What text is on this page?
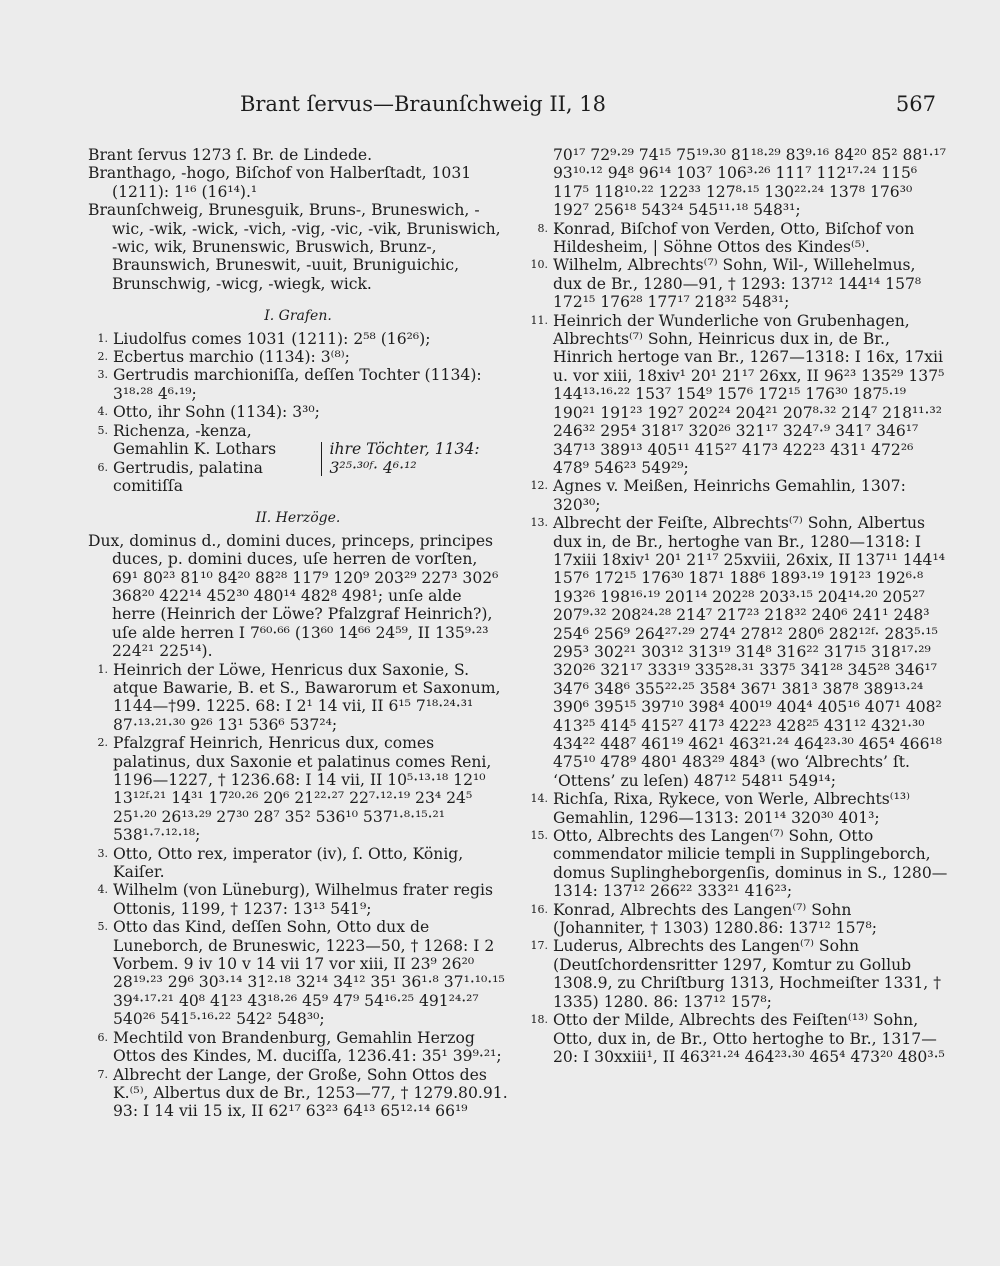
Brant ſervus—Braunſchweig II, 18	567

Brant ſervus 1273 ſ. Br. de Lindede.

Branthago, -hogo, Biſchof von Halberſtadt, 1031 (1211): 1¹⁶ (16¹⁴).¹

Braunſchweig, Brunesguik, Bruns-, Bruneswich, -wic, -wik, -wick, -vich, -vig, -vic, -vik, Bruniswich, -wic, wik, Brunenswic, Bruswich, Brunz-, Braunswich, Bruneswit, -uuit, Bruniguichic, Brunschwig, -wicg, -wiegk, wick.

I. Grafen.
1. Liudolfus comes 1031 (1211): 2⁵⁸ (16²⁶);
2. Ecbertus marchio (1134): 3⁽⁸⁾;
3. Gertrudis marchioniſſa, deſſen Tochter (1134): 3¹⁸·²⁸ 4⁶·¹⁹;
4. Otto, ihr Sohn (1134): 3³⁰;
5. Richenza, -kenza, Gemahlin K. Lothars
6. Gertrudis, palatina comitiſſa
ihre Töchter, 1134: 3²⁵·³⁰ᶠ· 4⁶·¹²
II. Herzöge.

Dux, dominus d., domini duces, princeps, principes duces, p. domini duces, uſe herren de vorſten, 69¹ 80²³ 81¹⁰ 84²⁰ 88²⁸ 117⁹ 120⁹ 203²⁹ 227³ 302⁶ 368²⁰ 422¹⁴ 452³⁰ 480¹⁴ 482⁸ 498¹; unſe alde herre (Heinrich der Löwe? Pfalzgraf Heinrich?), uſe alde herren I 7⁶⁰·⁶⁶ (13⁶⁰ 14⁶⁶ 24⁵⁹, II 135⁹·²³ 224²¹ 225¹⁴).

1. Heinrich der Löwe, Henricus dux Saxonie, S. atque Bawarie, B. et S., Bawarorum et Saxonum, 1144—†99. 1225. 68: I 2¹ 14 vii, II 6¹⁵ 7¹⁸·²⁴·³¹ 87·¹³·²¹·³⁰ 9²⁶ 13¹ 536⁶ 537²⁴;
2. Pfalzgraf Heinrich, Henricus dux, comes palatinus, dux Saxonie et palatinus comes Reni, 1196—1227, † 1236.68: I 14 vii, II 10⁵·¹³·¹⁸ 12¹⁰ 13¹²ᶠ·²¹ 14³¹ 17²⁰·²⁶ 20⁶ 21²²·²⁷ 22⁷·¹²·¹⁹ 23⁴ 24⁵ 25¹·²⁰ 26¹³·²⁹ 27³⁰ 28⁷ 35² 536¹⁰ 537¹·⁸·¹⁵·²¹ 538¹·⁷·¹²·¹⁸;
3. Otto, Otto rex, imperator (iv), ſ. Otto, König, Kaiſer.
4. Wilhelm (von Lüneburg), Wilhelmus frater regis Ottonis, 1199, † 1237: 13¹³ 541⁹;
5. Otto das Kind, deſſen Sohn, Otto dux de Luneborch, de Bruneswic, 1223—50, † 1268: I 2 Vorbem. 9 iv 10 v 14 vii 17 vor xiii, II 23⁹ 26²⁰ 28¹⁹·²³ 29⁶ 30³·¹⁴ 31²·¹⁸ 32¹⁴ 34¹² 35¹ 36¹·⁸ 37¹·¹⁰·¹⁵ 39⁴·¹⁷·²¹ 40⁸ 41²³ 43¹⁸·²⁶ 45⁹ 47⁹ 54¹⁶·²⁵ 491²⁴·²⁷ 540²⁶ 541⁵·¹⁶·²² 542² 548³⁰;
6. Mechtild von Brandenburg, Gemahlin Herzog Ottos des Kindes, M. duciſſa, 1236.41: 35¹ 39⁹·²¹;
7. Albrecht der Lange, der Große, Sohn Ottos des K.⁽⁵⁾, Albertus dux de Br., 1253—77, † 1279.80.91. 93: I 14 vii 15 ix, II 62¹⁷ 63²³ 64¹³ 65¹²·¹⁴ 66¹⁹

70¹⁷ 72⁹·²⁹ 74¹⁵ 75¹⁹·³⁰ 81¹⁸·²⁹ 83⁹·¹⁶ 84²⁰ 85² 88¹·¹⁷ 93¹⁰·¹² 94⁸ 96¹⁴ 103⁷ 106³·²⁶ 111⁷ 112¹⁷·²⁴ 115⁶ 117⁵ 118¹⁰·²² 122³³ 127⁸·¹⁵ 130²²·²⁴ 137⁸ 176³⁰ 192⁷ 256¹⁸ 543²⁴ 545¹¹·¹⁸ 548³¹;

8. Konrad, Biſchof von Verden, Otto, Biſchof von Hildesheim, | Söhne Ottos des Kindes⁽⁵⁾.
10. Wilhelm, Albrechts⁽⁷⁾ Sohn, Wil-, Willehelmus, dux de Br., 1280—91, † 1293: 137¹² 144¹⁴ 157⁸ 172¹⁵ 176²⁸ 177¹⁷ 218³² 548³¹;
11. Heinrich der Wunderliche von Grubenhagen, Albrechts⁽⁷⁾ Sohn, Heinricus dux in, de Br., Hinrich hertoge van Br., 1267—1318: I 16x, 17xii u. vor xiii, 18xiv¹ 20¹ 21¹⁷ 26xx, II 96²³ 135²⁹ 137⁵ 144¹³·¹⁶·²² 153⁷ 154⁹ 157⁶ 172¹⁵ 176³⁰ 187⁵·¹⁹ 190²¹ 191²³ 192⁷ 202²⁴ 204²¹ 207⁸·³² 214⁷ 218¹¹·³² 246³² 295⁴ 318¹⁷ 320²⁶ 321¹⁷ 324⁷·⁹ 341⁷ 346¹⁷ 347¹³ 389¹³ 405¹¹ 415²⁷ 417³ 422²³ 431¹ 472²⁶ 478⁹ 546²³ 549²⁹;
12. Agnes v. Meißen, Heinrichs Gemahlin, 1307: 320³⁰;
13. Albrecht der Feiſte, Albrechts⁽⁷⁾ Sohn, Albertus dux in, de Br., hertoghe van Br., 1280—1318: I 17xiii 18xiv¹ 20¹ 21¹⁷ 25xviii, 26xix, II 137¹¹ 144¹⁴ 157⁶ 172¹⁵ 176³⁰ 187¹ 188⁶ 189³·¹⁹ 191²³ 192⁶·⁸ 193²⁶ 198¹⁶·¹⁹ 201¹⁴ 202²⁸ 203³·¹⁵ 204¹⁴·²⁰ 205²⁷ 207⁹·³² 208²⁴·²⁸ 214⁷ 217²³ 218³² 240⁶ 241¹ 248³ 254⁶ 256⁹ 264²⁷·²⁹ 274⁴ 278¹² 280⁶ 282¹²ᶠ· 283⁵·¹⁵ 295³ 302²¹ 303¹² 313¹⁹ 314⁸ 316²² 317¹⁵ 318¹⁷·²⁹ 320²⁶ 321¹⁷ 333¹⁹ 335²⁸·³¹ 337⁵ 341²⁸ 345²⁸ 346¹⁷ 347⁶ 348⁶ 355²²·²⁵ 358⁴ 367¹ 381³ 387⁸ 389¹³·²⁴ 390⁶ 395¹⁵ 397¹⁰ 398⁴ 400¹⁹ 404⁴ 405¹⁶ 407¹ 408² 413²⁵ 414⁵ 415²⁷ 417³ 422²³ 428²⁵ 431¹² 432¹·³⁰ 434²² 448⁷ 461¹⁹ 462¹ 463²¹·²⁴ 464²³·³⁰ 465⁴ 466¹⁸ 475¹⁰ 478⁹ 480¹ 483²⁹ 484³ (wo ‘Albrechts’ ſt. ‘Ottens’ zu leſen) 487¹² 548¹¹ 549¹⁴;
14. Richſa, Rixa, Rykece, von Werle, Albrechts⁽¹³⁾ Gemahlin, 1296—1313: 201¹⁴ 320³⁰ 401³;
15. Otto, Albrechts des Langen⁽⁷⁾ Sohn, Otto commendator milicie templi in Supplingeborch, domus Suplingheborgenſis, dominus in S., 1280—1314: 137¹² 266²² 333²¹ 416²³;
16. Konrad, Albrechts des Langen⁽⁷⁾ Sohn (Johanniter, † 1303) 1280.86: 137¹² 157⁸;
17. Luderus, Albrechts des Langen⁽⁷⁾ Sohn (Deutſchordensritter 1297, Komtur zu Gollub 1308.9, zu Chriſtburg 1313, Hochmeiſter 1331, † 1335) 1280. 86: 137¹² 157⁸;
18. Otto der Milde, Albrechts des Feiſten⁽¹³⁾ Sohn, Otto, dux in, de Br., Otto hertoghe to Br., 1317—20: I 30xxiii¹, II 463²¹·²⁴ 464²³·³⁰ 465⁴ 473²⁰ 480³·⁵
